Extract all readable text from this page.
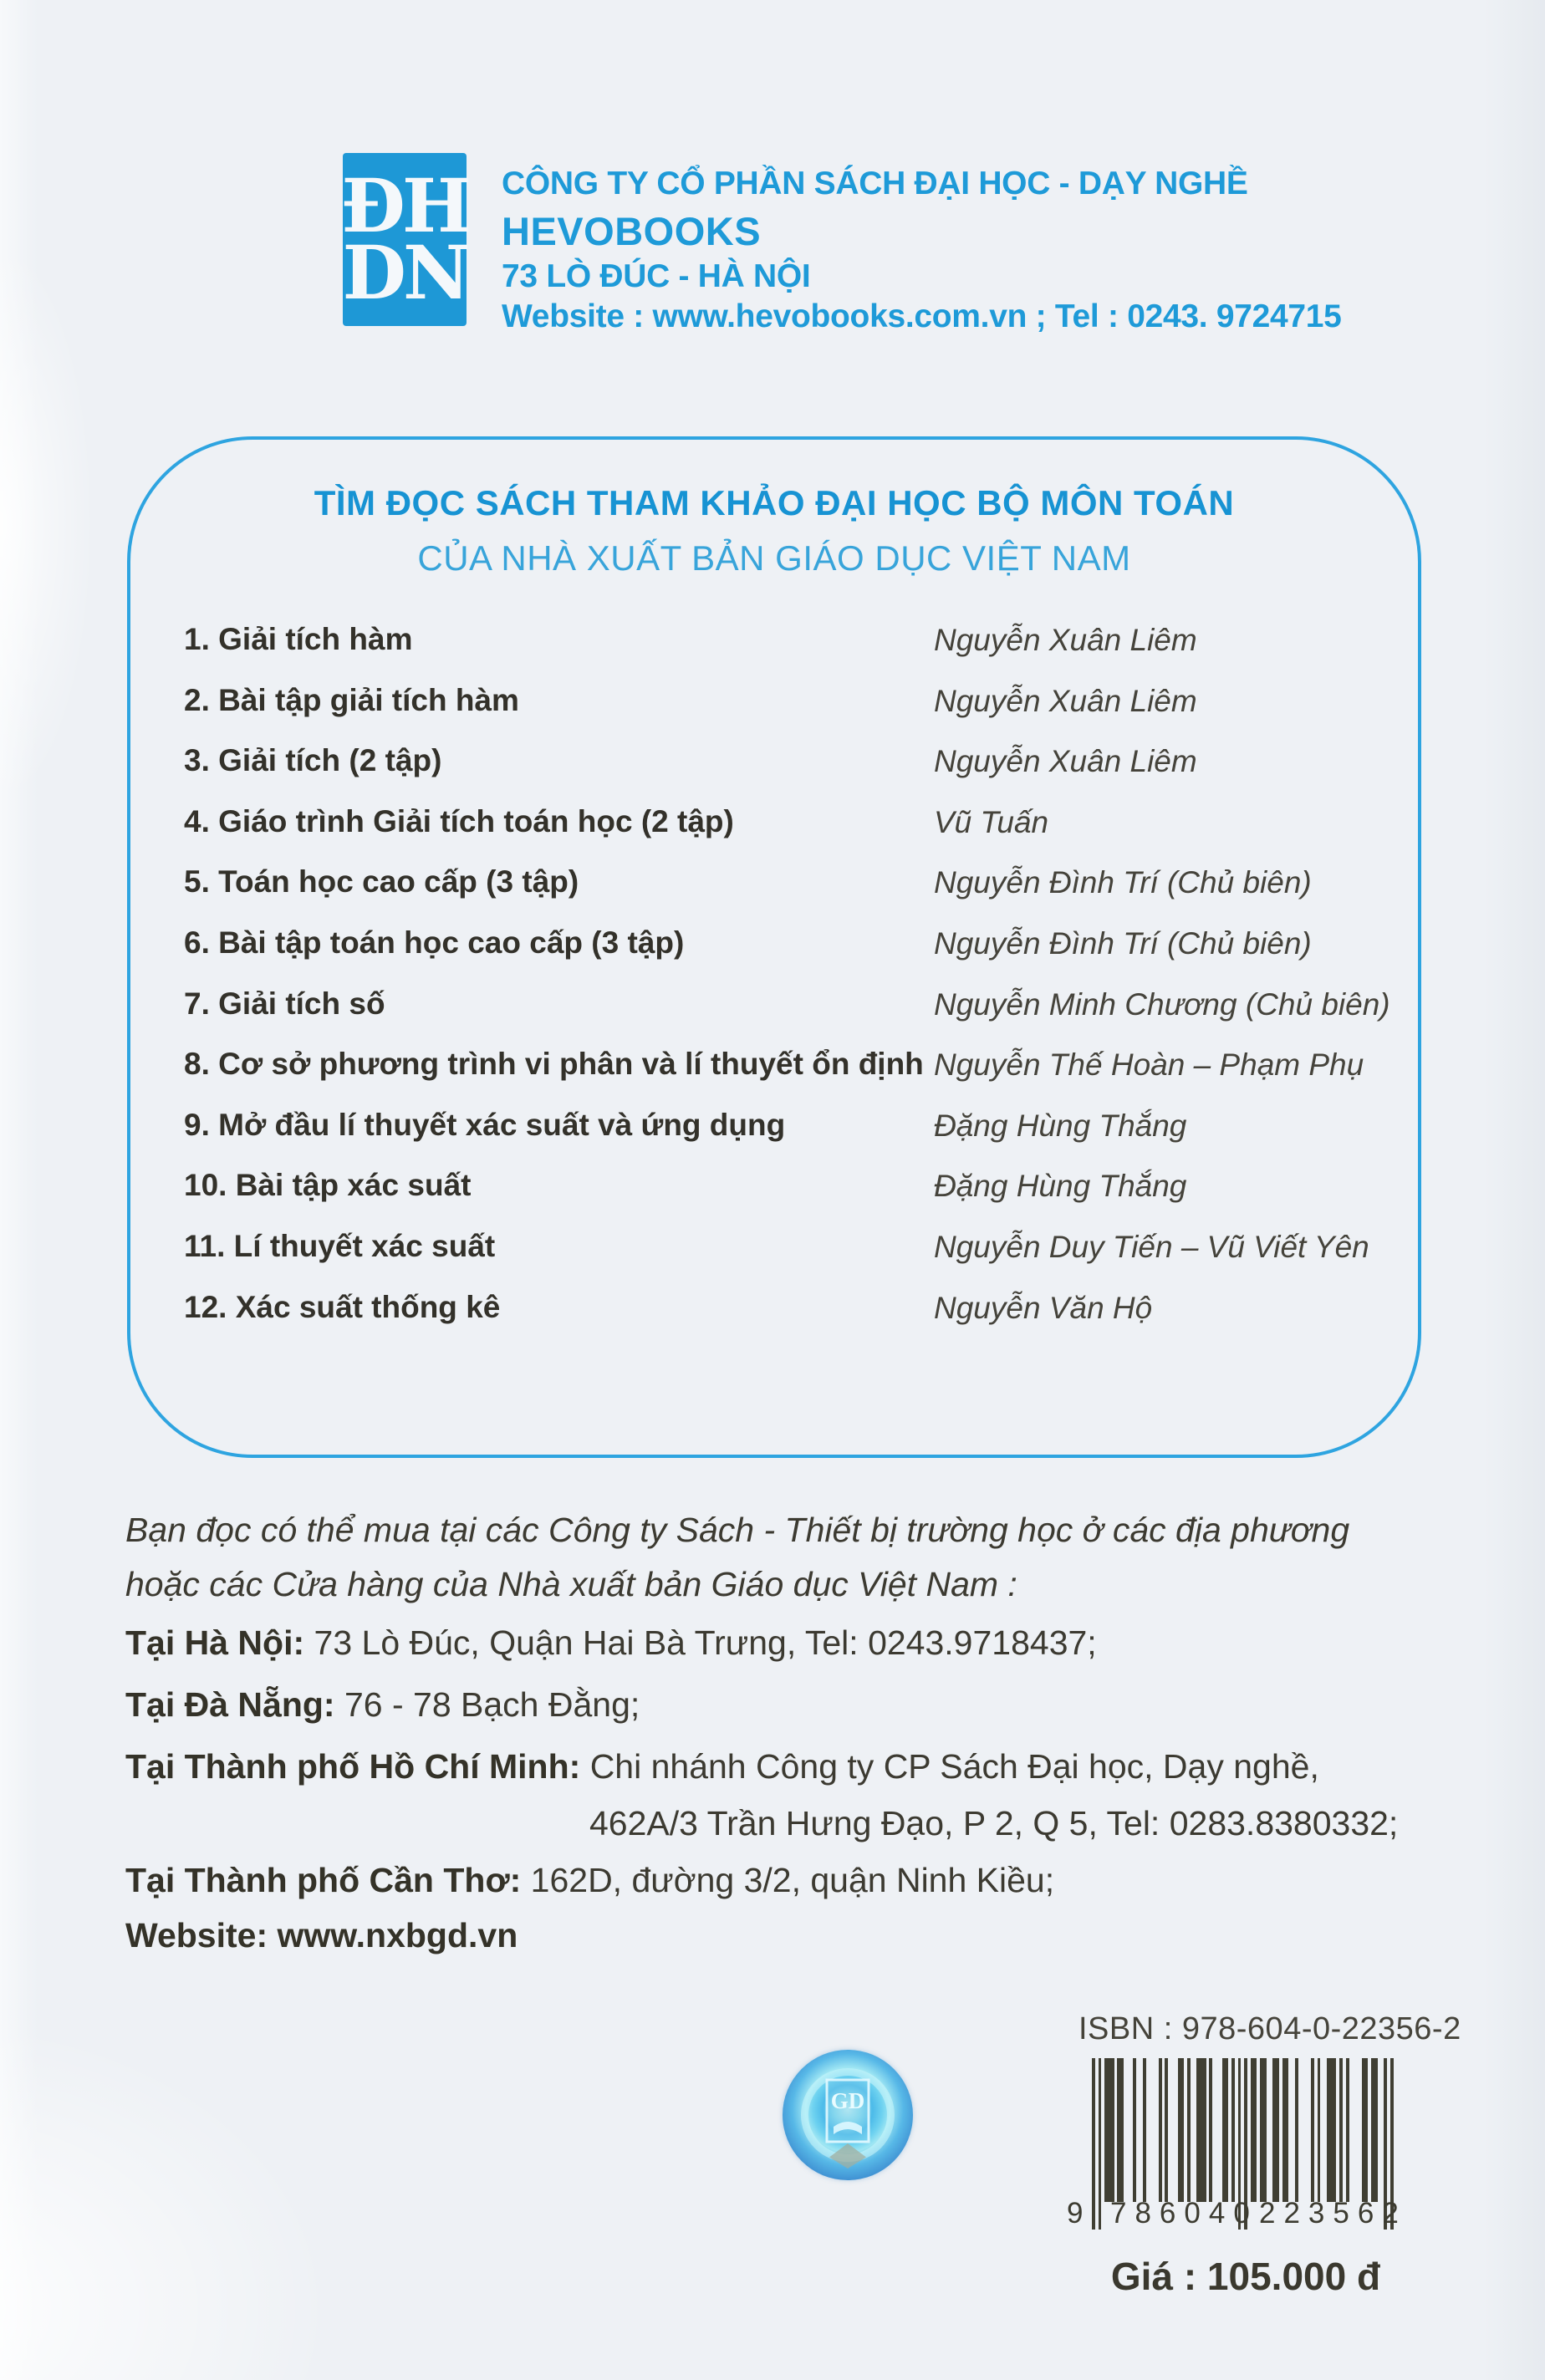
ĐH
DN
CÔNG TY CỔ PHẦN SÁCH ĐẠI HỌC - DẠY NGHỀ
HEVOBOOKS
73 LÒ ĐÚC - HÀ NỘI
Website : www.hevobooks.com.vn ; Tel : 0243. 9724715
TÌM ĐỌC SÁCH THAM KHẢO ĐẠI HỌC BỘ MÔN TOÁN
CỦA NHÀ XUẤT BẢN GIÁO DỤC VIỆT NAM
1. Giải tích hàm	Nguyễn Xuân Liêm
2. Bài tập giải tích hàm	Nguyễn Xuân Liêm
3. Giải tích (2 tập)	Nguyễn Xuân Liêm
4. Giáo trình Giải tích toán học (2 tập)	Vũ Tuấn
5. Toán học cao cấp (3 tập)	Nguyễn Đình Trí (Chủ biên)
6. Bài tập toán học cao cấp (3 tập)	Nguyễn Đình Trí (Chủ biên)
7. Giải tích số	Nguyễn Minh Chương (Chủ biên)
8. Cơ sở phương trình vi phân và lí thuyết ổn định Nguyễn Thế Hoàn – Phạm Phụ
9. Mở đầu lí thuyết xác suất và ứng dụng	Đặng Hùng Thắng
10. Bài tập xác suất	Đặng Hùng Thắng
11. Lí thuyết xác suất	Nguyễn Duy Tiến – Vũ Viết Yên
12. Xác suất thống kê	Nguyễn Văn Hộ
Bạn đọc có thể mua tại các Công ty Sách - Thiết bị trường học ở các địa phương
hoặc các Cửa hàng của Nhà xuất bản Giáo dục Việt Nam :
Tại Hà Nội: 73 Lò Đúc, Quận Hai Bà Trưng, Tel: 0243.9718437;
Tại Đà Nẵng: 76 - 78 Bạch Đằng;
Tại Thành phố Hồ Chí Minh: Chi nhánh Công ty CP Sách Đại học, Dạy nghề,
462A/3 Trần Hưng Đạo, P 2, Q 5, Tel: 0283.8380332;
Tại Thành phố Cần Thơ: 162D, đường 3/2, quận Ninh Kiều;
Website: www.nxbgd.vn
GD
ISBN : 978-604-0-22356-2
9 786040 223562
Giá : 105.000 đ
